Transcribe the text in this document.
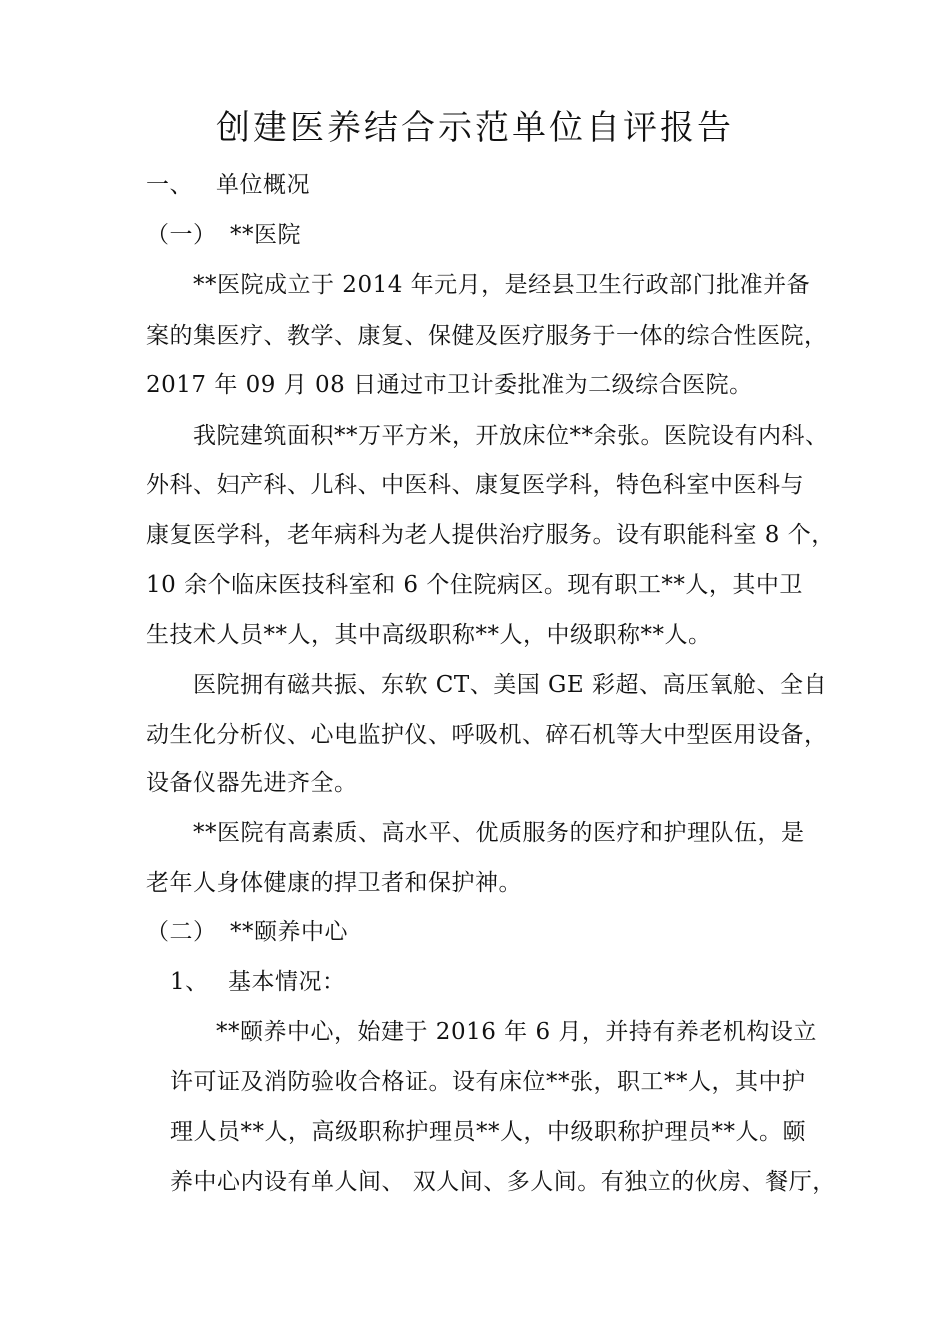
创建医养结合示范单位自评报告
一、 单位概况
（一） **医院
**医院成立于 2014 年元月，是经县卫生行政部门批准并备
案的集医疗、教学、康复、保健及医疗服务于一体的综合性医院，
2017 年 09 月 08 日通过市卫计委批准为二级综合医院。
我院建筑面积**万平方米，开放床位**余张。医院设有内科、
外科、妇产科、儿科、中医科、康复医学科，特色科室中医科与
康复医学科，老年病科为老人提供治疗服务。设有职能科室 8 个，
10 余个临床医技科室和 6 个住院病区。现有职工**人，其中卫
生技术人员**人，其中高级职称**人，中级职称**人。
医院拥有磁共振、东软 CT、美国 GE 彩超、高压氧舱、全自
动生化分析仪、心电监护仪、呼吸机、碎石机等大中型医用设备，
设备仪器先进齐全。
**医院有高素质、高水平、优质服务的医疗和护理队伍，是
老年人身体健康的捍卫者和保护神。
（二） **颐养中心
1、 基本情况：
**颐养中心，始建于 2016 年 6 月，并持有养老机构设立
许可证及消防验收合格证。设有床位**张，职工**人，其中护
理人员**人，高级职称护理员**人，中级职称护理员**人。颐
养中心内设有单人间、 双人间、多人间。有独立的伙房、餐厅，
